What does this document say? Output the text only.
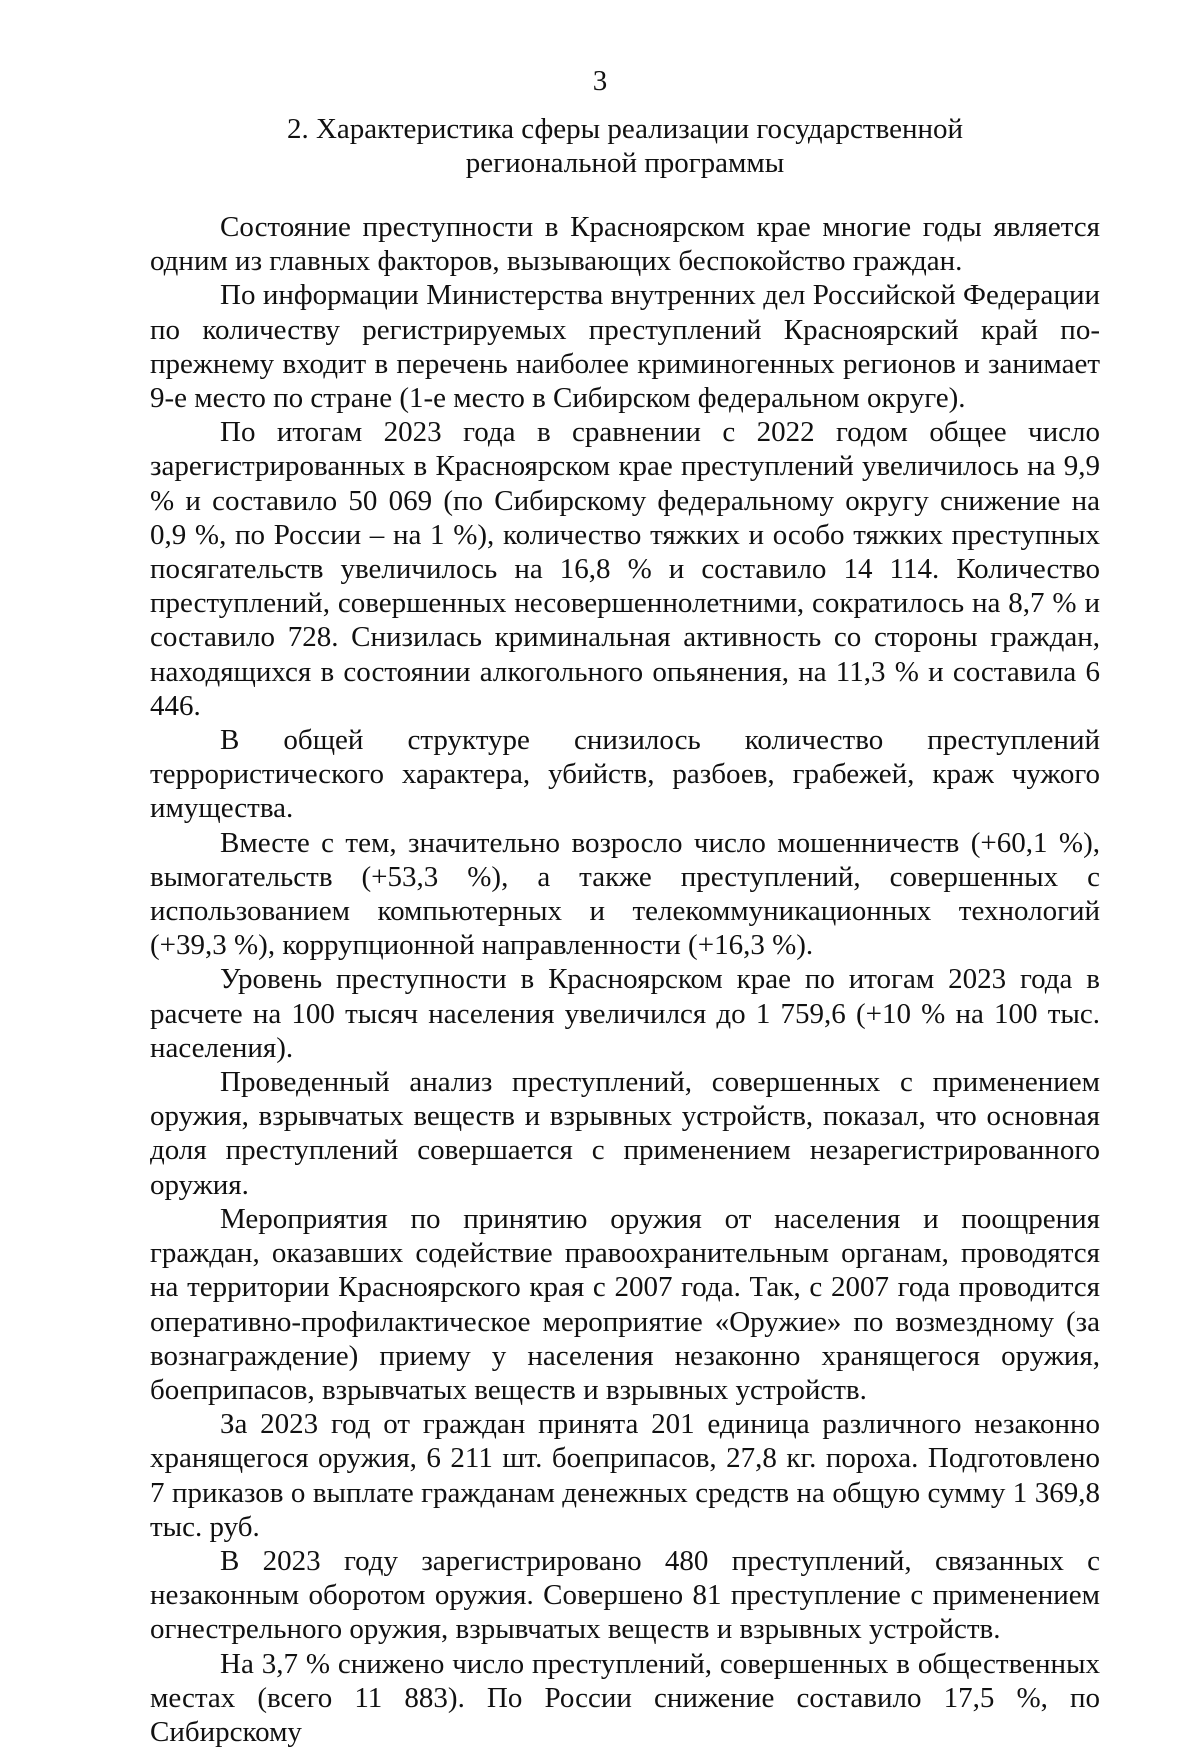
3
2. Характеристика сферы реализации государственной
региональной программы

Состояние преступности в Красноярском крае многие годы является одним из главных факторов, вызывающих беспокойство граждан.

По информации Министерства внутренних дел Российской Федерации по количеству регистрируемых преступлений Красноярский край по-прежнему входит в перечень наиболее криминогенных регионов и занимает 9-е место по стране (1-е место в Сибирском федеральном округе).

По итогам 2023 года в сравнении с 2022 годом общее число зарегистрированных в Красноярском крае преступлений увеличилось на 9,9 % и составило 50 069 (по Сибирскому федеральному округу снижение на 0,9 %, по России – на 1 %), количество тяжких и особо тяжких преступных посягательств увеличилось на 16,8 % и составило 14 114. Количество преступлений, совершенных несовершеннолетними, сократилось на 8,7 % и составило 728. Снизилась криминальная активность со стороны граждан, находящихся в состоянии алкогольного опьянения, на 11,3 % и составила 6 446.

В общей структуре снизилось количество преступлений террористического характера, убийств, разбоев, грабежей, краж чужого имущества.

Вместе с тем, значительно возросло число мошенничеств (+60,1 %), вымогательств (+53,3 %), а также преступлений, совершенных с использованием компьютерных и телекоммуникационных технологий (+39,3 %), коррупционной направленности (+16,3 %).

Уровень преступности в Красноярском крае по итогам 2023 года в расчете на 100 тысяч населения увеличился до 1 759,6 (+10 % на 100 тыс. населения).

Проведенный анализ преступлений, совершенных с применением оружия, взрывчатых веществ и взрывных устройств, показал, что основная доля преступлений совершается с применением незарегистрированного оружия.

Мероприятия по принятию оружия от населения и поощрения граждан, оказавших содействие правоохранительным органам, проводятся на территории Красноярского края с 2007 года. Так, с 2007 года проводится оперативно-профилактическое мероприятие «Оружие» по возмездному (за вознаграждение) приему у населения незаконно хранящегося оружия, боеприпасов, взрывчатых веществ и взрывных устройств.

За 2023 год от граждан принята 201 единица различного незаконно хранящегося оружия, 6 211 шт. боеприпасов, 27,8 кг. пороха. Подготовлено 7 приказов о выплате гражданам денежных средств на общую сумму 1 369,8 тыс. руб.

В 2023 году зарегистрировано 480 преступлений, связанных с незаконным оборотом оружия. Совершено 81 преступление с применением огнестрельного оружия, взрывчатых веществ и взрывных устройств.

На 3,7 % снижено число преступлений, совершенных в общественных местах (всего 11 883). По России снижение составило 17,5 %, по Сибирскому
